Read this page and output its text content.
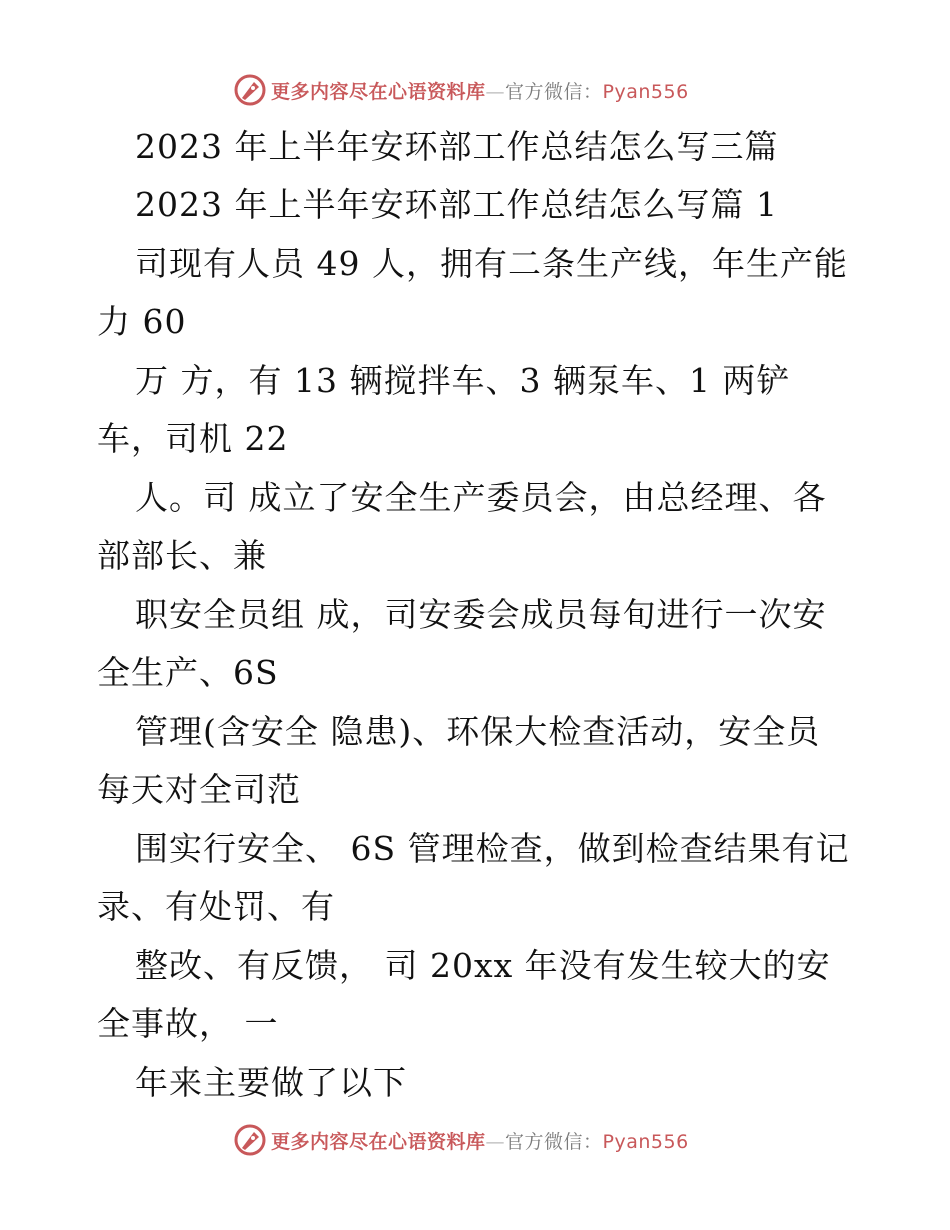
更多内容尽在心语资料库—官方微信：Pyan556
2023 年上半年安环部工作总结怎么写三篇
2023 年上半年安环部工作总结怎么写篇 1
司现有人员 49 人，拥有二条生产线，年生产能
力 60
万 方，有 13 辆搅拌车、3 辆泵车、1 两铲
车，司机 22
人。司 成立了安全生产委员会，由总经理、各
部部长、兼
职安全员组 成，司安委会成员每旬进行一次安
全生产、6S
管理(含安全 隐患)、环保大检查活动，安全员
每天对全司范
围实行安全、 6S 管理检查，做到检查结果有记
录、有处罚、有
整改、有反馈， 司 20xx 年没有发生较大的安
全事故， 一
年来主要做了以下
更多内容尽在心语资料库—官方微信：Pyan556
